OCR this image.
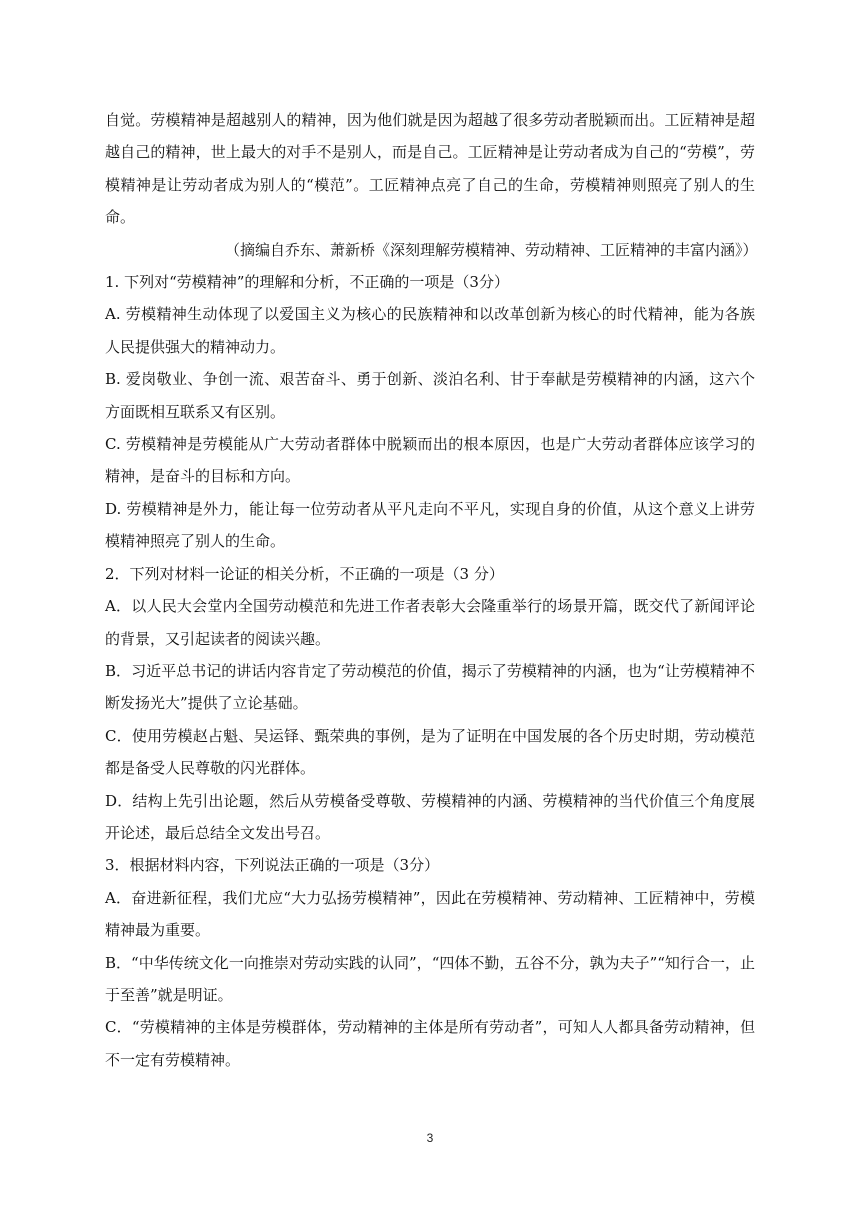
自觉。劳模精神是超越别人的精神，因为他们就是因为超越了很多劳动者脱颖而出。工匠精神是超越自己的精神，世上最大的对手不是别人，而是自己。工匠精神是让劳动者成为自己的“劳模”，劳模精神是让劳动者成为别人的“模范”。工匠精神点亮了自己的生命，劳模精神则照亮了别人的生命。

（摘编自乔东、萧新桥《深刻理解劳模精神、劳动精神、工匠精神的丰富内涵》）

1. 下列对“劳模精神”的理解和分析，不正确的一项是（3分）

A. 劳模精神生动体现了以爱国主义为核心的民族精神和以改革创新为核心的时代精神，能为各族人民提供强大的精神动力。

B. 爱岗敬业、争创一流、艰苦奋斗、勇于创新、淡泊名利、甘于奉献是劳模精神的内涵，这六个方面既相互联系又有区别。

C. 劳模精神是劳模能从广大劳动者群体中脱颖而出的根本原因，也是广大劳动者群体应该学习的精神，是奋斗的目标和方向。

D. 劳模精神是外力，能让每一位劳动者从平凡走向不平凡，实现自身的价值，从这个意义上讲劳模精神照亮了别人的生命。

2．下列对材料一论证的相关分析，不正确的一项是（3 分）

A．以人民大会堂内全国劳动模范和先进工作者表彰大会隆重举行的场景开篇，既交代了新闻评论的背景，又引起读者的阅读兴趣。

B．习近平总书记的讲话内容肯定了劳动模范的价值，揭示了劳模精神的内涵，也为“让劳模精神不断发扬光大”提供了立论基础。

C．使用劳模赵占魁、吴运铎、甄荣典的事例，是为了证明在中国发展的各个历史时期，劳动模范都是备受人民尊敬的闪光群体。

D．结构上先引出论题，然后从劳模备受尊敬、劳模精神的内涵、劳模精神的当代价值三个角度展开论述，最后总结全文发出号召。

3．根据材料内容，下列说法正确的一项是（3分）

A．奋进新征程，我们尤应“大力弘扬劳模精神”，因此在劳模精神、劳动精神、工匠精神中，劳模精神最为重要。

B．“中华传统文化一向推崇对劳动实践的认同”，“四体不勤，五谷不分，孰为夫子”“知行合一，止于至善”就是明证。

C．“劳模精神的主体是劳模群体，劳动精神的主体是所有劳动者”，可知人人都具备劳动精神，但不一定有劳模精神。

3
